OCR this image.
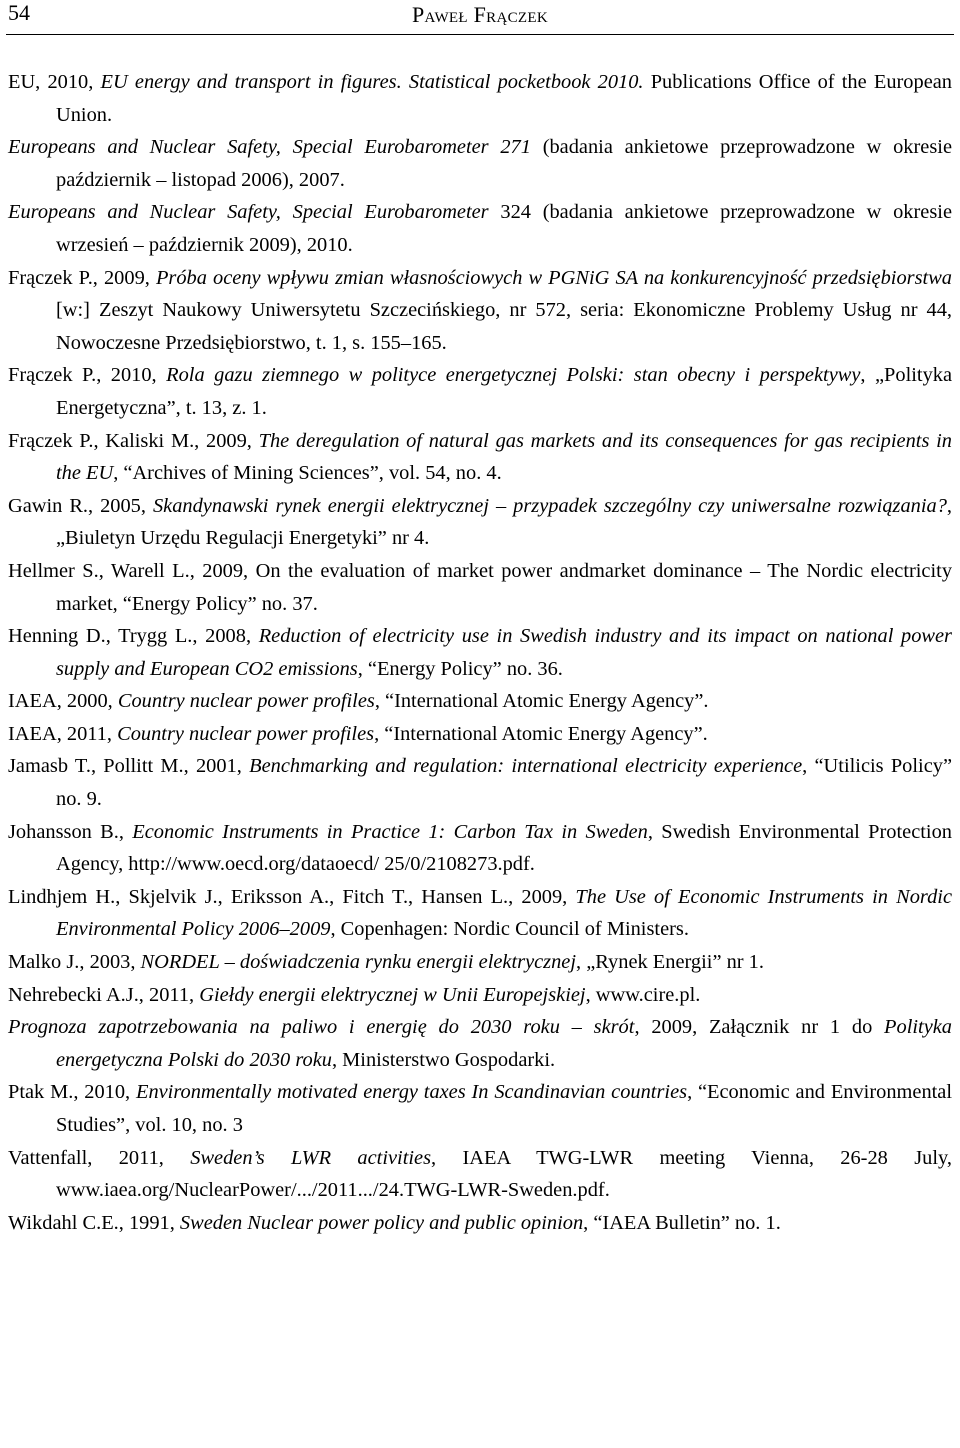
54	Paweł Frączek

EU, 2010, EU energy and transport in figures. Statistical pocketbook 2010. Publications Office of the European Union.

Europeans and Nuclear Safety, Special Eurobarometer 271 (badania ankietowe przeprowadzone w okresie październik – listopad 2006), 2007.

Europeans and Nuclear Safety, Special Eurobarometer 324 (badania ankietowe przeprowadzone w okresie wrzesień – październik 2009), 2010.

Frączek P., 2009, Próba oceny wpływu zmian własnościowych w PGNiG SA na konkurencyjność przedsiębiorstwa [w:] Zeszyt Naukowy Uniwersytetu Szczecińskiego, nr 572, seria: Ekonomiczne Problemy Usług nr 44, Nowoczesne Przedsiębiorstwo, t. 1, s. 155–165.

Frączek P., 2010, Rola gazu ziemnego w polityce energetycznej Polski: stan obecny i perspektywy, „Polityka Energetyczna”, t. 13, z. 1.

Frączek P., Kaliski M., 2009, The deregulation of natural gas markets and its consequences for gas recipients in the EU, “Archives of Mining Sciences”, vol. 54, no. 4.

Gawin R., 2005, Skandynawski rynek energii elektrycznej – przypadek szczególny czy uniwersalne rozwiązania?, „Biuletyn Urzędu Regulacji Energetyki” nr 4.

Hellmer S., Warell L., 2009, On the evaluation of market power andmarket dominance – The Nordic electricity market, “Energy Policy” no. 37.

Henning D., Trygg L., 2008, Reduction of electricity use in Swedish industry and its impact on national power supply and European CO2 emissions, “Energy Policy” no. 36.

IAEA, 2000, Country nuclear power profiles, “International Atomic Energy Agency”.

IAEA, 2011, Country nuclear power profiles, “International Atomic Energy Agency”.

Jamasb T., Pollitt M., 2001, Benchmarking and regulation: international electricity experience, “Utilicis Policy” no. 9.

Johansson B., Economic Instruments in Practice 1: Carbon Tax in Sweden, Swedish Environmental Protection Agency, http://www.oecd.org/dataoecd/ 25/0/2108273.pdf.

Lindhjem H., Skjelvik J., Eriksson A., Fitch T., Hansen L., 2009, The Use of Economic Instruments in Nordic Environmental Policy 2006–2009, Copenhagen: Nordic Council of Ministers.

Malko J., 2003, NORDEL – doświadczenia rynku energii elektrycznej, „Rynek Energii” nr 1.

Nehrebecki A.J., 2011, Giełdy energii elektrycznej w Unii Europejskiej, www.cire.pl.

Prognoza zapotrzebowania na paliwo i energię do 2030 roku – skrót, 2009, Załącznik nr 1 do Polityka energetyczna Polski do 2030 roku, Ministerstwo Gospodarki.

Ptak M., 2010, Environmentally motivated energy taxes In Scandinavian countries, “Economic and Environmental Studies”, vol. 10, no. 3

Vattenfall, 2011, Sweden’s LWR activities, IAEA TWG-LWR meeting Vienna, 26-28 July, www.iaea.org/NuclearPower/.../2011.../24.TWG-LWR-Sweden.pdf.

Wikdahl C.E., 1991, Sweden Nuclear power policy and public opinion, “IAEA Bulletin” no. 1.
